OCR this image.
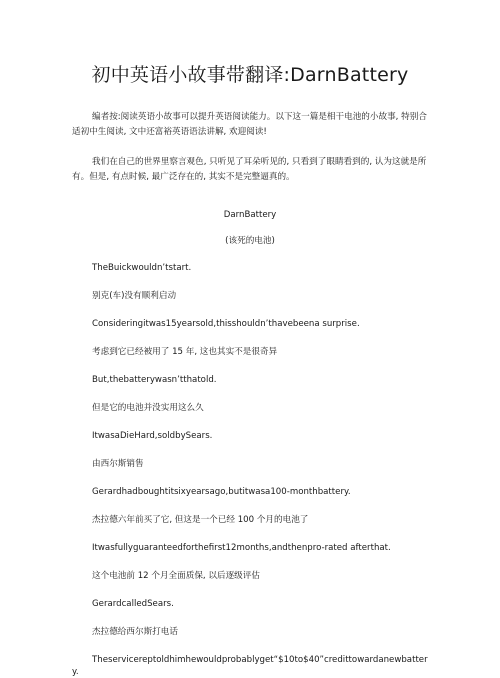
初中英语小故事带翻译:DarnBattery
编者按:阅读英语小故事可以提升英语阅读能力。以下这一篇是相干电池的小故事, 特别合适初中生阅读, 文中还富裕英语语法讲解, 欢迎阅读!
我们在自己的世界里察言观色, 只听见了耳朵听见的, 只看到了眼睛看到的, 认为这就是所有。但是, 有点时候, 最广泛存在的, 其实不是完整逼真的。
DarnBattery
(该死的电池)

TheBuickwouldn’tstart.

别克(车)没有顺利启动

Consideringitwas15yearsold,thisshouldn’thavebeena surprise.

考虑到它已经被用了 15 年, 这也其实不是很奇异

But,thebatterywasn’tthatold.

但是它的电池并没实用这么久

ItwasaDieHard,soldbySears.

由西尔斯销售

Gerardhadboughtitsixyearsago,butitwasa100-monthbattery.

杰拉德六年前买了它, 但这是一个已经 100 个月的电池了

Itwasfullyguaranteedforthefirst12months,andthenpro-rated afterthat.

这个电池前 12 个月全面质保, 以后逐级评估

GerardcalledSears.

杰拉德给西尔斯打电话

Theservicereptoldhimhewouldprobablyget“$10to$40”credittowardanewbattery.
